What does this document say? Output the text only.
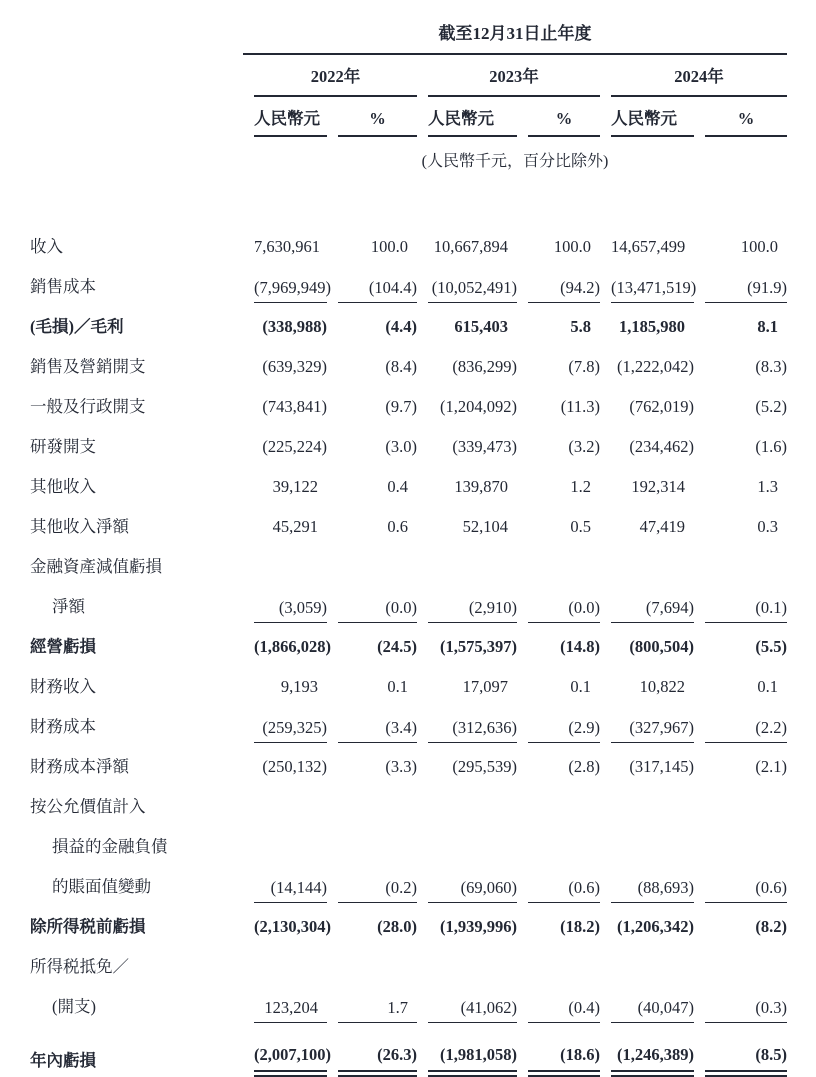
	截至12月31日止年度					

	2022年		2023年		2024年	

	人民幣元	%	人民幣元	%	人民幣元	%

	(人民幣千元，百分比除外)					

收入	7,630,961	100.0	10,667,894	100.0	14,657,499	100.0

銷售成本	(7,969,949)	(104.4)	(10,052,491)	(94.2)	(13,471,519)	(91.9)

(毛損)／毛利	(338,988)	(4.4)	615,403	5.8	1,185,980	8.1

銷售及營銷開支	(639,329)	(8.4)	(836,299)	(7.8)	(1,222,042)	(8.3)

一般及行政開支	(743,841)	(9.7)	(1,204,092)	(11.3)	(762,019)	(5.2)

研發開支	(225,224)	(3.0)	(339,473)	(3.2)	(234,462)	(1.6)

其他收入	39,122	0.4	139,870	1.2	192,314	1.3

其他收入淨額	45,291	0.6	52,104	0.5	47,419	0.3

金融資產減值虧損						
淨額	(3,059)	(0.0)	(2,910)	(0.0)	(7,694)	(0.1)

經營虧損	(1,866,028)	(24.5)	(1,575,397)	(14.8)	(800,504)	(5.5)

財務收入	9,193	0.1	17,097	0.1	10,822	0.1

財務成本	(259,325)	(3.4)	(312,636)	(2.9)	(327,967)	(2.2)

財務成本淨額	(250,132)	(3.3)	(295,539)	(2.8)	(317,145)	(2.1)

按公允價值計入						
損益的金融負債						
的賬面值變動	(14,144)	(0.2)	(69,060)	(0.6)	(88,693)	(0.6)

除所得税前虧損	(2,130,304)	(28.0)	(1,939,996)	(18.2)	(1,206,342)	(8.2)

所得税抵免／						
(開支)	123,204	1.7	(41,062)	(0.4)	(40,047)	(0.3)

年內虧損	(2,007,100)	(26.3)	(1,981,058)	(18.6)	(1,246,389)	(8.5)
